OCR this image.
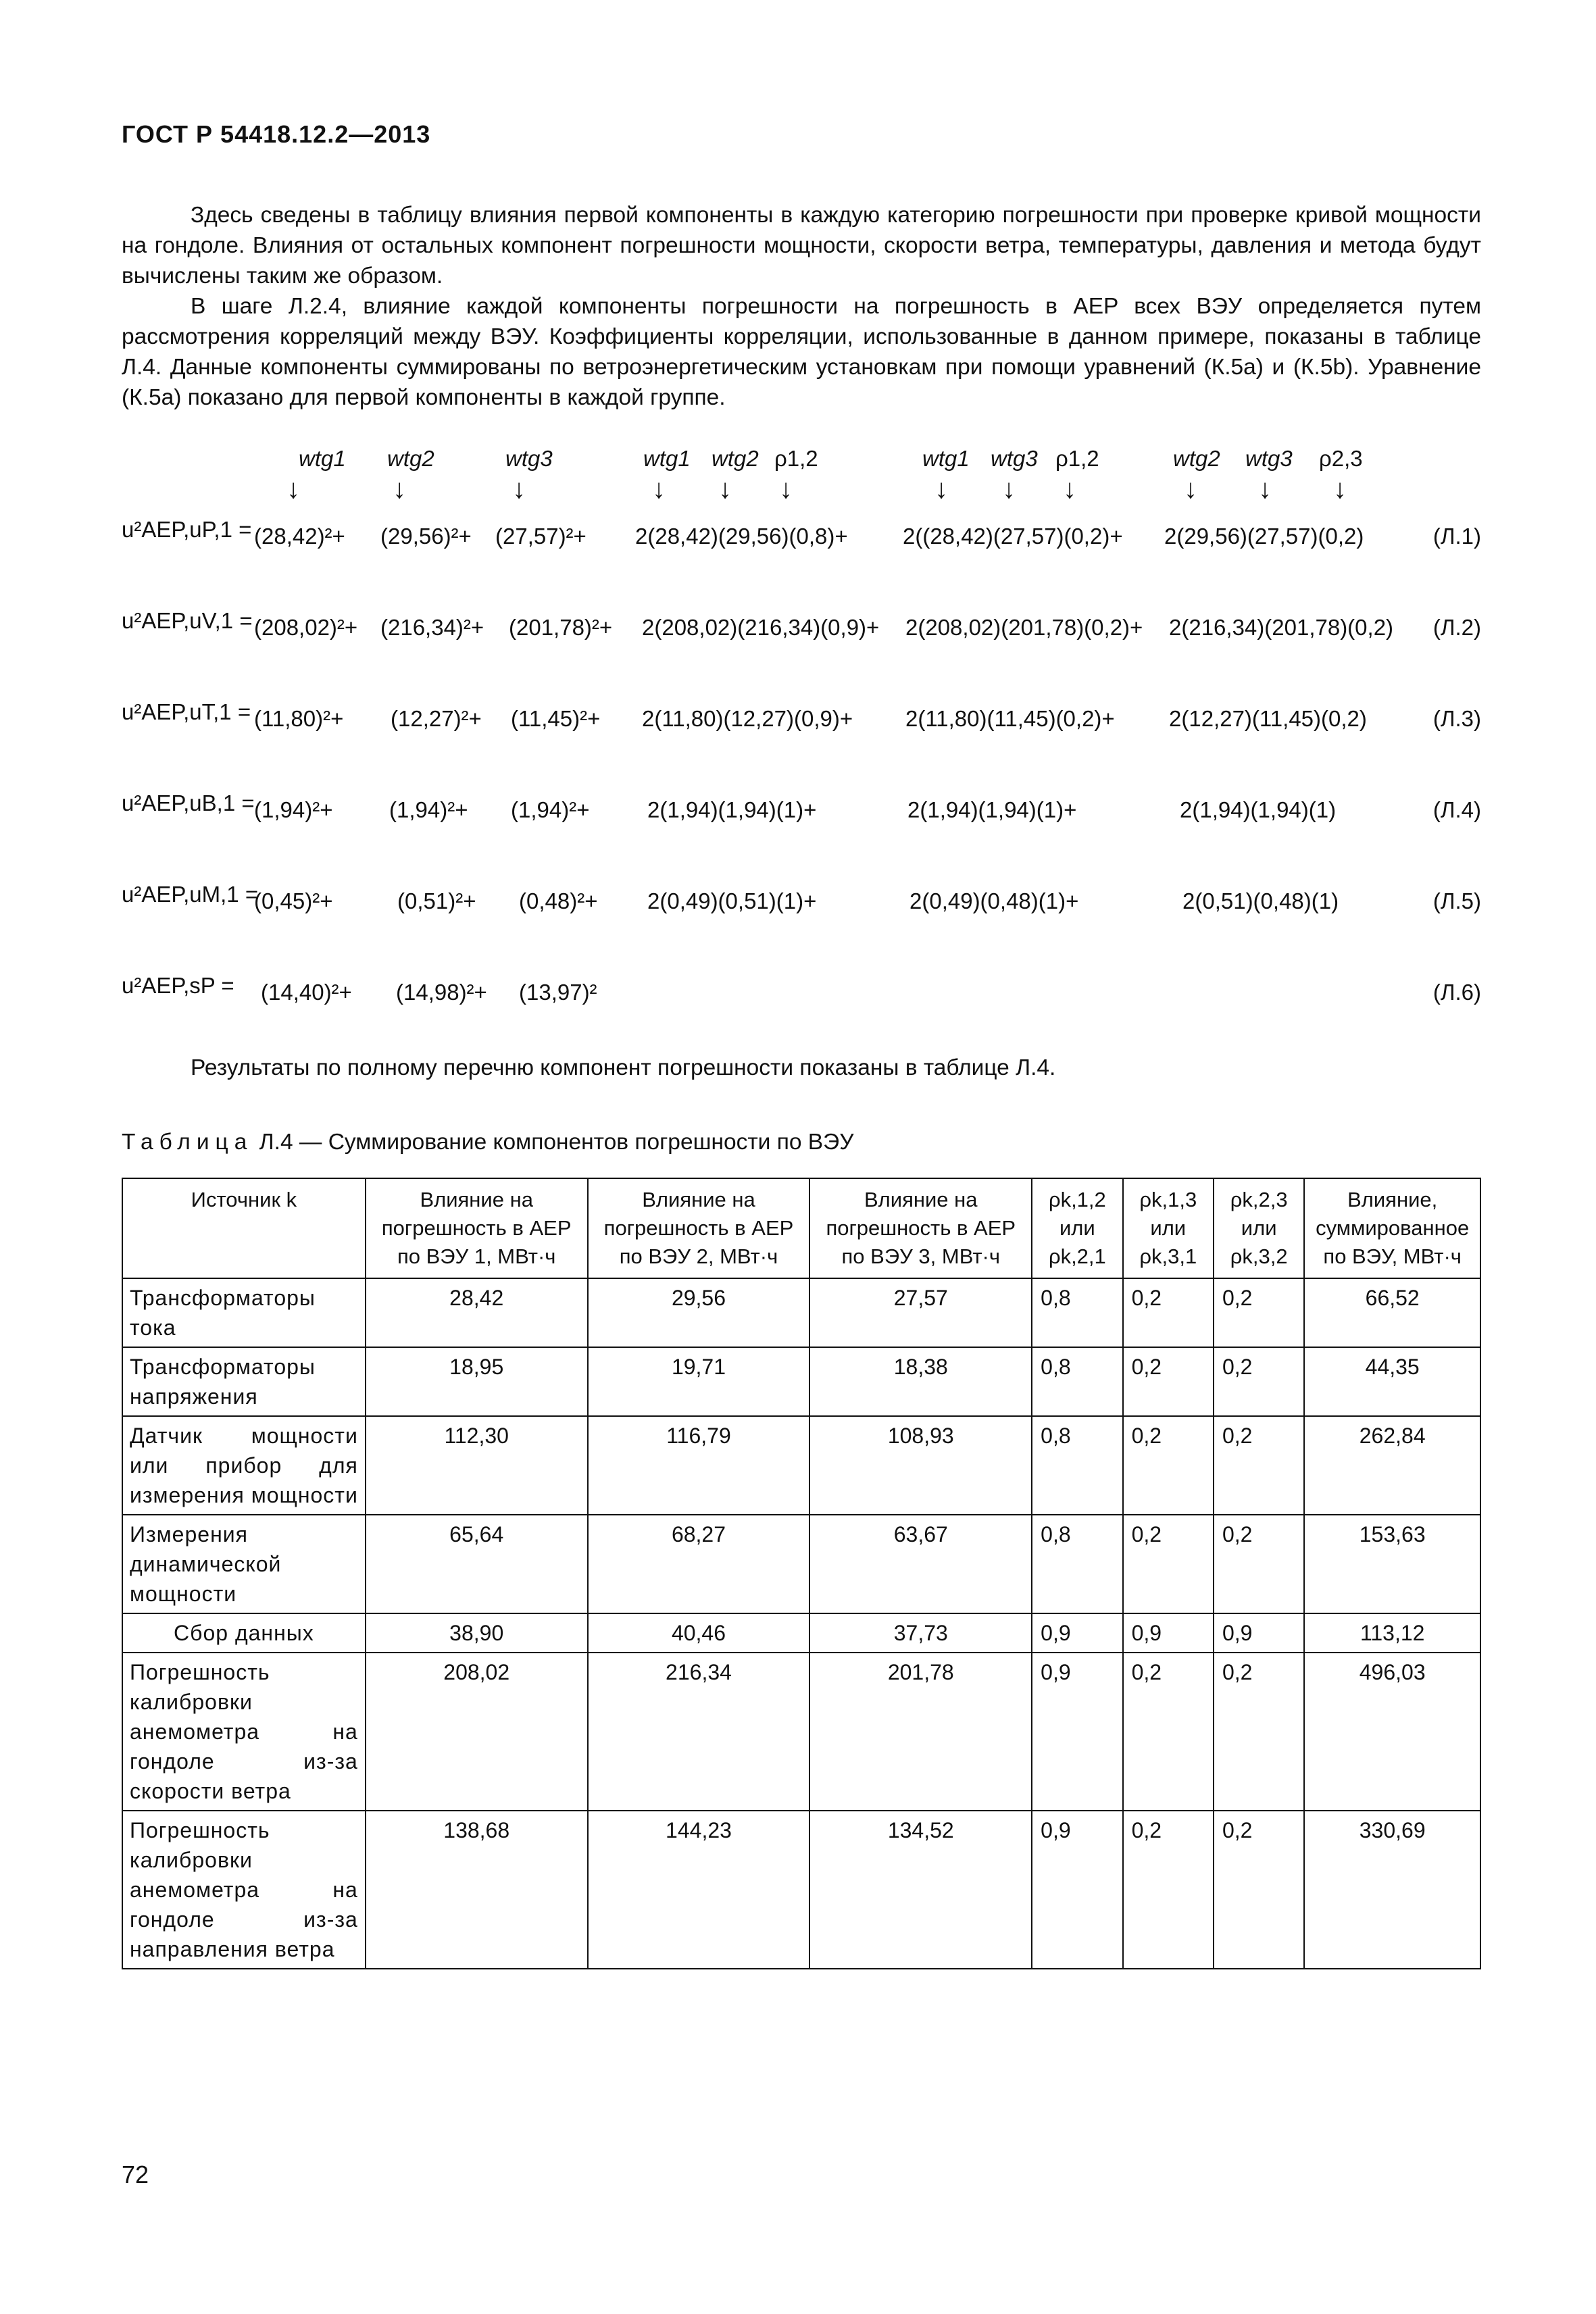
ГОСТ Р 54418.12.2—2013

Здесь сведены в таблицу влияния первой компоненты в каждую категорию погрешности при проверке кривой мощности на гондоле. Влияния от остальных компонент погрешности мощности, скорости ветра, температуры, давления и метода будут вычислены таким же образом.

В шаге Л.2.4, влияние каждой компоненты погрешности на погрешность в AEP всех ВЭУ определяется путем рассмотрения корреляций между ВЭУ. Коэффициенты корреляции, использованные в данном примере, показаны в таблице Л.4. Данные компоненты суммированы по ветроэнергетическим установкам при помощи уравнений (К.5a) и (К.5b). Уравнение (К.5a) показано для первой компоненты в каждой группе.

wtg1 wtg2	wtg3	wtg1 wtg2 ρ1,2	wtg1 wtg3 ρ1,2	wtg2 wtg3 ρ2,3
↓	↓	↓	↓ ↓ ↓	↓ ↓ ↓	↓ ↓ ↓
u²AEP,uP,1 = (28,42)²+ (29,56)²+ (27,57)²+ 2(28,42)(29,56)(0,8)+ 2((28,42)(27,57)(0,2)+ 2(29,56)(27,57)(0,2)	(Л.1)
u²AEP,uV,1 = (208,02)²+ (216,34)²+ (201,78)²+ 2(208,02)(216,34)(0,9)+ 2(208,02)(201,78)(0,2)+ 2(216,34)(201,78)(0,2) (Л.2)
u²AEP,uT,1 = (11,80)²+ (12,27)²+ (11,45)²+ 2(11,80)(12,27)(0,9)+ 2(11,80)(11,45)(0,2)+ 2(12,27)(11,45)(0,2)	(Л.3)
u²AEP,uB,1 = (1,94)²+	(1,94)²+ (1,94)²+	2(1,94)(1,94)(1)+	2(1,94)(1,94)(1)+	2(1,94)(1,94)(1)	(Л.4)
u²AEP,uM,1 =
(0,45)²+	(0,51)²+ (0,48)²+ 2(0,49)(0,51)(1)+	2(0,49)(0,48)(1)+	2(0,51)(0,48)(1)	(Л.5)
u²AEP,sP = (14,40)²+ (14,98)²+ (13,97)²	(Л.6)
Результаты по полному перечню компонент погрешности показаны в таблице Л.4.
Таблица Л.4 — Суммирование компонентов погрешности по ВЭУ
Источник k	Влияние на погрешность в AEP по ВЭУ 1, МВт·ч	Влияние на погрешность в AEP по ВЭУ 2, МВт·ч	Влияние на погрешность в AEP по ВЭУ 3, МВт·ч	ρk,1,2 или ρk,2,1	ρk,1,3 или ρk,3,1	ρk,2,3 или ρk,3,2	Влияние, суммированное по ВЭУ, МВт·ч
Трансформаторы тока	28,42	29,56	27,57	0,8	0,2	0,2	66,52
Трансформаторы напряжения	18,95	19,71	18,38	0,8	0,2	0,2	44,35
Датчик мощности или прибор для измерения мощности	112,30	116,79	108,93	0,8	0,2	0,2	262,84
Измерения динамической мощности	65,64	68,27	63,67	0,8	0,2	0,2	153,63
Сбор данных	38,90	40,46	37,73	0,9	0,9	0,9	113,12
Погрешность калибровки анемометра на гондоле из-за скорости ветра	208,02	216,34	201,78	0,9	0,2	0,2	496,03
Погрешность калибровки анемометра на гондоле из-за направления ветра	138,68	144,23	134,52	0,9	0,2	0,2	330,69
72
